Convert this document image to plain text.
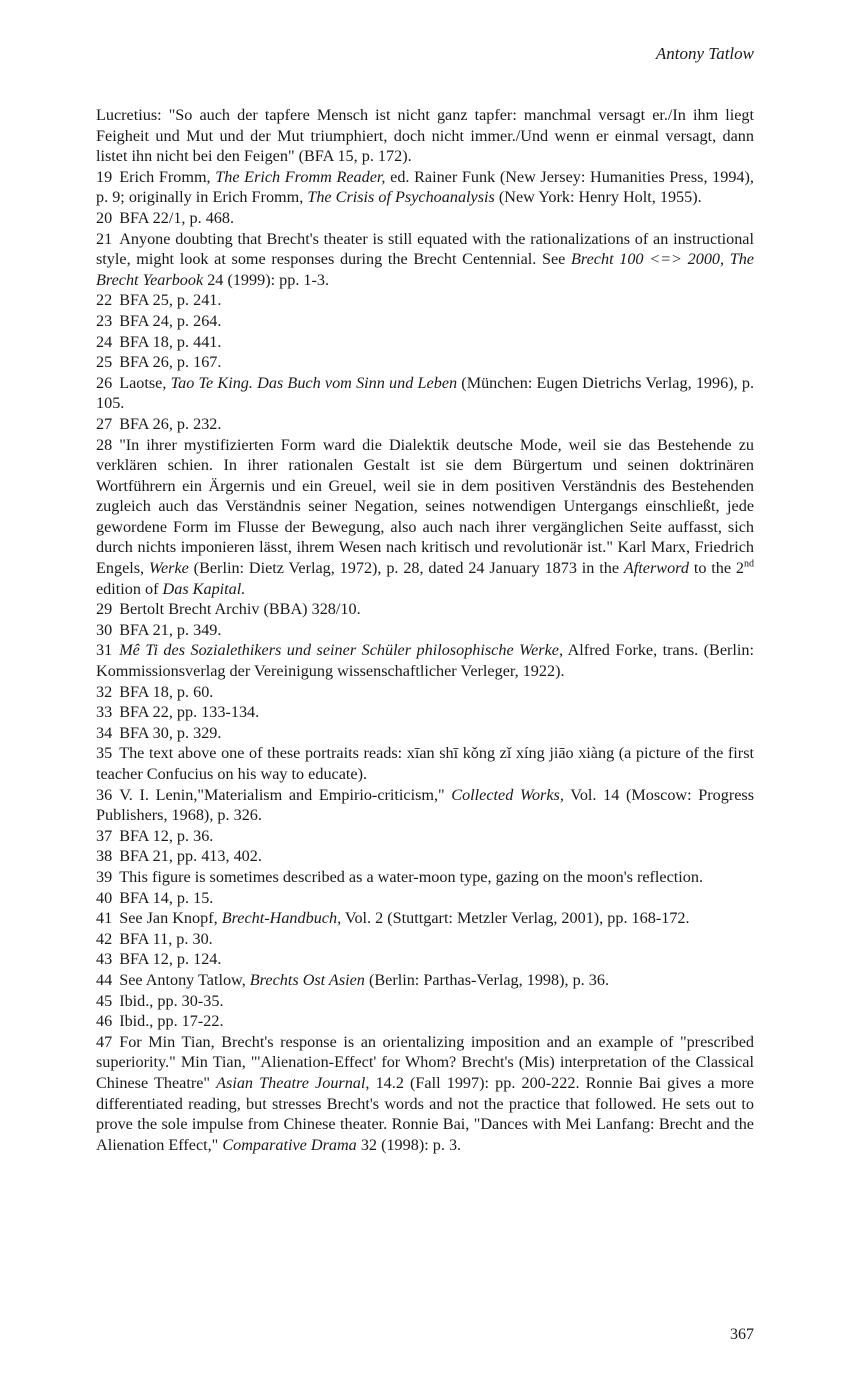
Antony Tatlow

Lucretius: "So auch der tapfere Mensch ist nicht ganz tapfer: manchmal versagt er./In ihm liegt Feigheit und Mut und der Mut triumphiert, doch nicht immer./Und wenn er einmal versagt, dann listet ihn nicht bei den Feigen" (BFA 15, p. 172).

19 Erich Fromm, The Erich Fromm Reader, ed. Rainer Funk (New Jersey: Humanities Press, 1994), p. 9; originally in Erich Fromm, The Crisis of Psychoanalysis (New York: Henry Holt, 1955).

20 BFA 22/1, p. 468.

21 Anyone doubting that Brecht's theater is still equated with the rationalizations of an instructional style, might look at some responses during the Brecht Centennial. See Brecht 100 <=> 2000, The Brecht Yearbook 24 (1999): pp. 1-3.

22 BFA 25, p. 241.

23 BFA 24, p. 264.

24 BFA 18, p. 441.

25 BFA 26, p. 167.

26 Laotse, Tao Te King. Das Buch vom Sinn und Leben (München: Eugen Dietrichs Verlag, 1996), p. 105.

27 BFA 26, p. 232.

28 "In ihrer mystifizierten Form ward die Dialektik deutsche Mode, weil sie das Bestehende zu verklären schien. In ihrer rationalen Gestalt ist sie dem Bürgertum und seinen doktrinären Wortführern ein Ärgernis und ein Greuel, weil sie in dem positiven Verständnis des Bestehenden zugleich auch das Verständnis seiner Negation, seines notwendigen Untergangs einschließt, jede gewordene Form im Flusse der Bewegung, also auch nach ihrer vergänglichen Seite auffasst, sich durch nichts imponieren lässt, ihrem Wesen nach kritisch und revolutionär ist." Karl Marx, Friedrich Engels, Werke (Berlin: Dietz Verlag, 1972), p. 28, dated 24 January 1873 in the Afterword to the 2nd edition of Das Kapital.

29 Bertolt Brecht Archiv (BBA) 328/10.

30 BFA 21, p. 349.

31 Mê Ti des Sozialethikers und seiner Schüler philosophische Werke, Alfred Forke, trans. (Berlin: Kommissionsverlag der Vereinigung wissenschaftlicher Verleger, 1922).

32 BFA 18, p. 60.

33 BFA 22, pp. 133-134.

34 BFA 30, p. 329.

35 The text above one of these portraits reads: xīan shī kǒng zǐ xíng jiāo xiàng (a picture of the first teacher Confucius on his way to educate).

36 V. I. Lenin,"Materialism and Empirio-criticism," Collected Works, Vol. 14 (Moscow: Progress Publishers, 1968), p. 326.

37 BFA 12, p. 36.

38 BFA 21, pp. 413, 402.

39 This figure is sometimes described as a water-moon type, gazing on the moon's reflection.

40 BFA 14, p. 15.

41 See Jan Knopf, Brecht-Handbuch, Vol. 2 (Stuttgart: Metzler Verlag, 2001), pp. 168-172.

42 BFA 11, p. 30.

43 BFA 12, p. 124.

44 See Antony Tatlow, Brechts Ost Asien (Berlin: Parthas-Verlag, 1998), p. 36.

45 Ibid., pp. 30-35.

46 Ibid., pp. 17-22.

47 For Min Tian, Brecht's response is an orientalizing imposition and an example of "prescribed superiority." Min Tian, "'Alienation-Effect' for Whom? Brecht's (Mis) interpretation of the Classical Chinese Theatre" Asian Theatre Journal, 14.2 (Fall 1997): pp. 200-222. Ronnie Bai gives a more differentiated reading, but stresses Brecht's words and not the practice that followed. He sets out to prove the sole impulse from Chinese theater. Ronnie Bai, "Dances with Mei Lanfang: Brecht and the Alienation Effect," Comparative Drama 32 (1998): p. 3.

367
